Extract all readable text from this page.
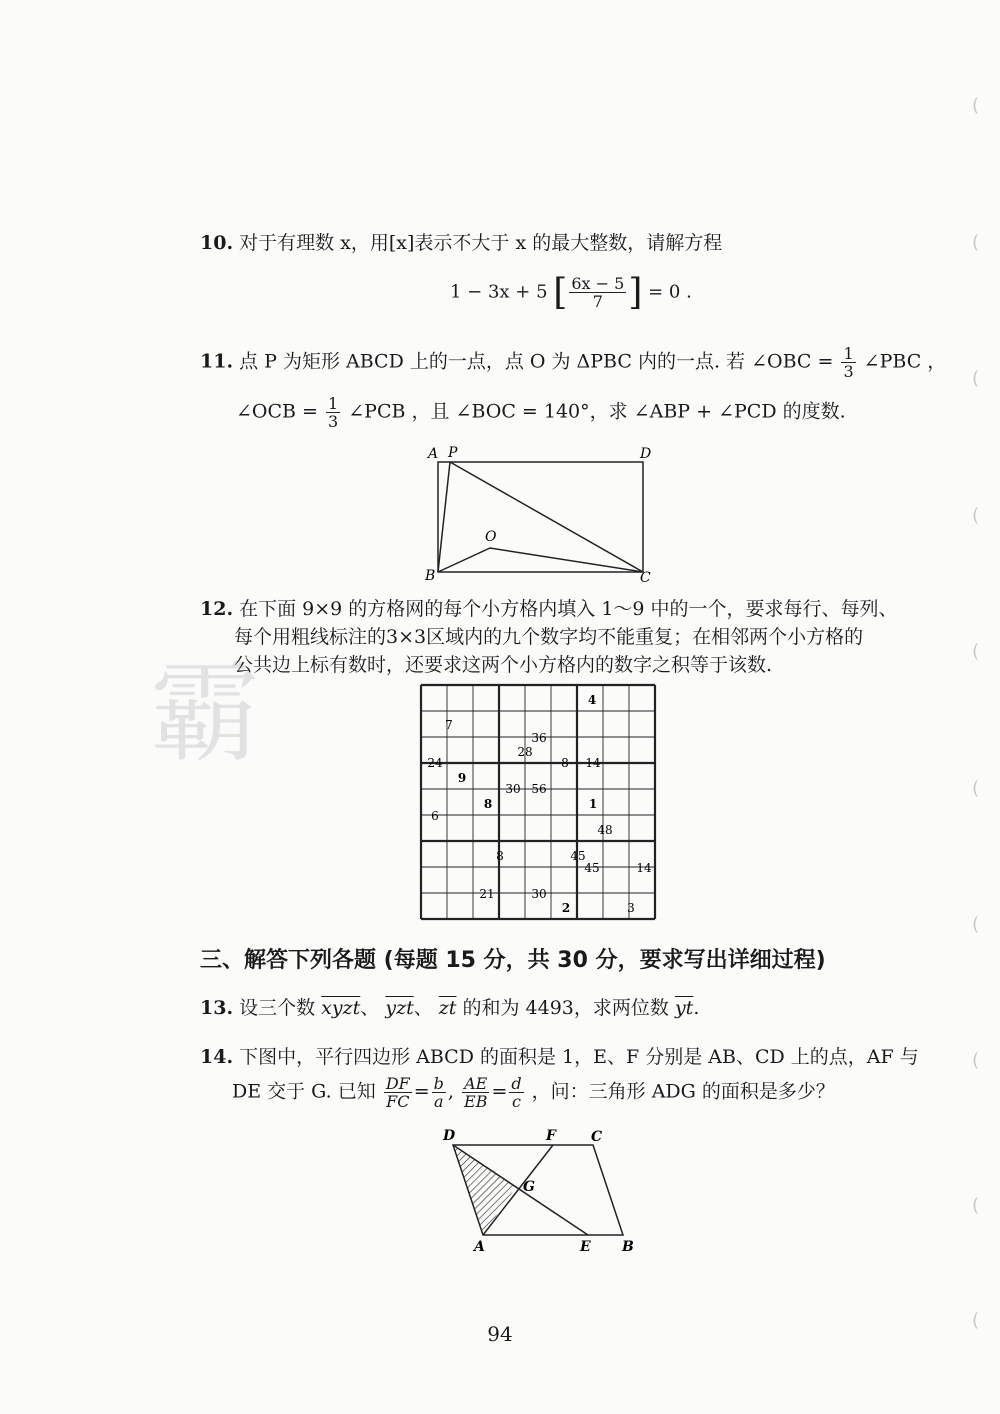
霸
(
(
(
(
(
(
(
(
(
(
10. 对于有理数 x，用[x]表示不大于 x 的最大整数，请解方程
1 − 3x + 5 [ $\frac{6x - 5}{7}$ ] = 0 .
11. 点 P 为矩形 ABCD 上的一点，点 O 为 ΔPBC 内的一点. 若 ∠OBC = $\frac{1}{3}$ ∠PBC ，
∠OCB = $\frac{1}{3}$ ∠PCB ，且 ∠BOC = 140°，求 ∠ABP + ∠PCD 的度数.
A P	D
O
B	C
12. 在下面 9×9 的方格网的每个小方格内填入 1～9 中的一个，要求每行、每列、
每个用粗线标注的3×3区域内的九个数字均不能重复；在相邻两个小方格的
公共边上标有数时，还要求这两个小方格内的数字之积等于该数.
4
7
36
28
24	8 14
9
30 56
8	1
6
48
8	45
45	14
21	30
2	3
三、解答下列各题 (每题 15 分，共 30 分，要求写出详细过程)
13. 设三个数 xyzt、 $\overline{yzt}$、 $\overline{zt}$ 的和为 4493，求两位数 $\overline{yt}$.
14. 下图中，平行四边形 ABCD 的面积是 1，E、F 分别是 AB、CD 上的点，AF 与
DE 交于 G. 已知 $\frac{DF}{FC} = \frac{b}{a}$ , $\frac{AE}{EB} = \frac{d}{c}$ ，问：三角形 ADG 的面积是多少？
D	F	C
G
A	E B
94
